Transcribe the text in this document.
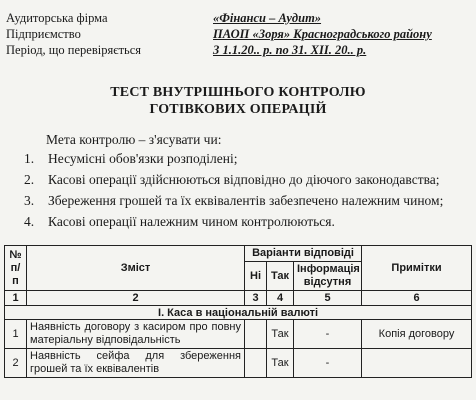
Аудиторська фірма	«Фінанси – Аудит»
Підприємство	ПАОП «Зоря» Красноградського району
Період, що перевіряється	З 1.1.20.. р. по 31. XII. 20.. р.
ТЕСТ ВНУТРІШНЬОГО КОНТРОЛЮ
ГОТІВКОВИХ ОПЕРАЦІЙ
Мета контролю – з'ясувати чи:
1. Несумісні обов'язки розподілені;
2. Касові операції здійснюються відповідно до діючого законодавства;
3. Збереження грошей та їх еквівалентів забезпечено належним чином;
4. Касові операції належним чином контролюються.
№ п/п	Зміст	Варіанти відповіді			Примітки
		Ні	Так	Інформація відсутня	
1	2	3	4	5	6
І. Каса в національній валюті					
1	Наявність договору з касиром про повну матеріальну відповідальність		Так	-	Копія договору
2	Наявність сейфа для збереження грошей та їх еквівалентів		Так	-	
